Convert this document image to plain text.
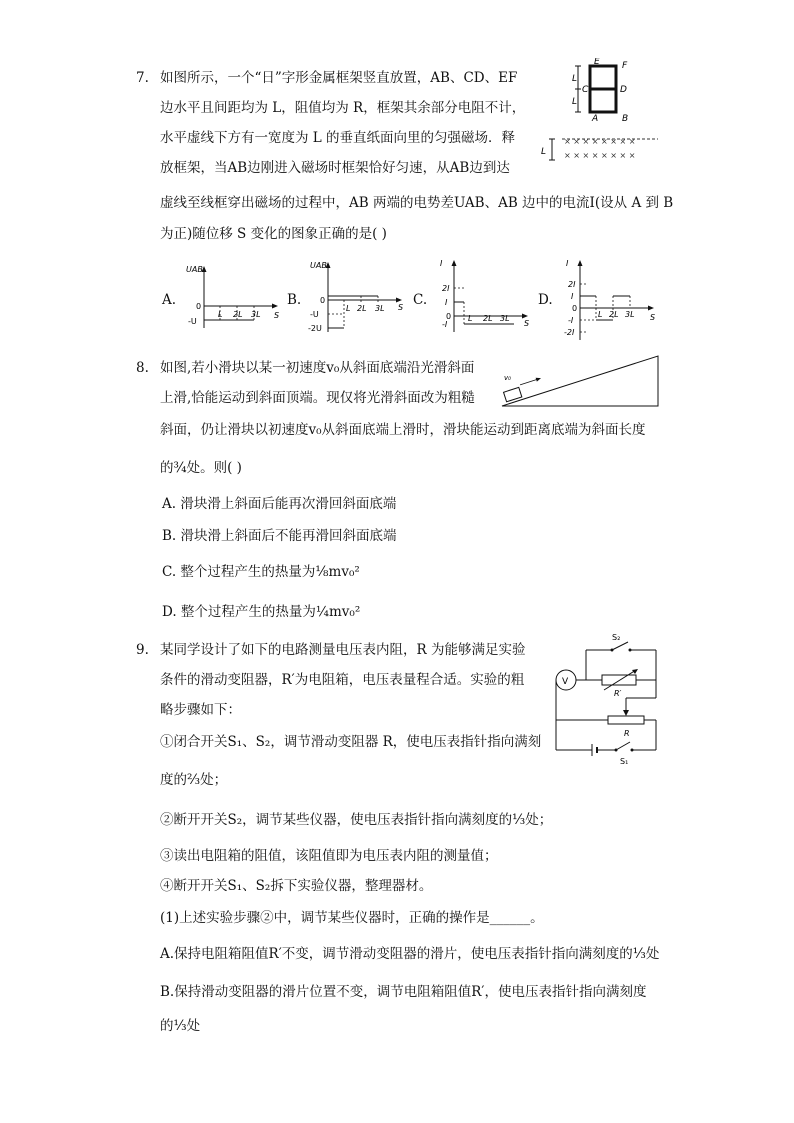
7. 如图所示，一个“日”字形金属框架竖直放置，AB、CD、EF
边水平且间距均为 L，阻值均为 R，框架其余部分电阻不计，
水平虚线下方有一宽度为 L 的垂直纸面向里的匀强磁场．释
放框架，当AB边刚进入磁场时框架恰好匀速，从AB边到达
虚线至线框穿出磁场的过程中，AB 两端的电势差UAB、AB 边中的电流I(设从 A 到 B
为正)随位移 S 变化的图象正确的是( )
L
L
E F
C	D
A	B
L
× × × × × × × ×
× × × × × × × ×
A.	B.	C.	D.
UAB
S
0
-U
L 2L 3L
UAB
S
0
-U
-2U
L 2L 3L
I
S
2I
I
0
-I
L 2L 3L
I
S
2I
I
0
-I
-2I
L 2L 3L
8. 如图,若小滑块以某一初速度v₀从斜面底端沿光滑斜面
上滑,恰能运动到斜面顶端。现仅将光滑斜面改为粗糙
斜面，仍让滑块以初速度v₀从斜面底端上滑时，滑块能运动到距离底端为斜面长度
的¾处。则( )
v₀
A. 滑块滑上斜面后能再次滑回斜面底端
B. 滑块滑上斜面后不能再滑回斜面底端
C. 整个过程产生的热量为⅛mv₀²
D. 整个过程产生的热量为¼mv₀²
9. 某同学设计了如下的电路测量电压表内阻，R 为能够满足实验
条件的滑动变阻器，R′为电阻箱，电压表量程合适。实验的粗
略步骤如下：
①闭合开关S₁、S₂，调节滑动变阻器 R，使电压表指针指向满刻
度的⅔处；
②断开开关S₂，调节某些仪器，使电压表指针指向满刻度的⅓处；
③读出电阻箱的阻值，该阻值即为电压表内阻的测量值；
④断开开关S₁、S₂拆下实验仪器，整理器材。
(1)上述实验步骤②中，调节某些仪器时，正确的操作是______。
A.保持电阻箱阻值R′不变，调节滑动变阻器的滑片，使电压表指针指向满刻度的⅓处
B.保持滑动变阻器的滑片位置不变，调节电阻箱阻值R′，使电压表指针指向满刻度
的⅓处
S₂
V
R′
R
S₁
